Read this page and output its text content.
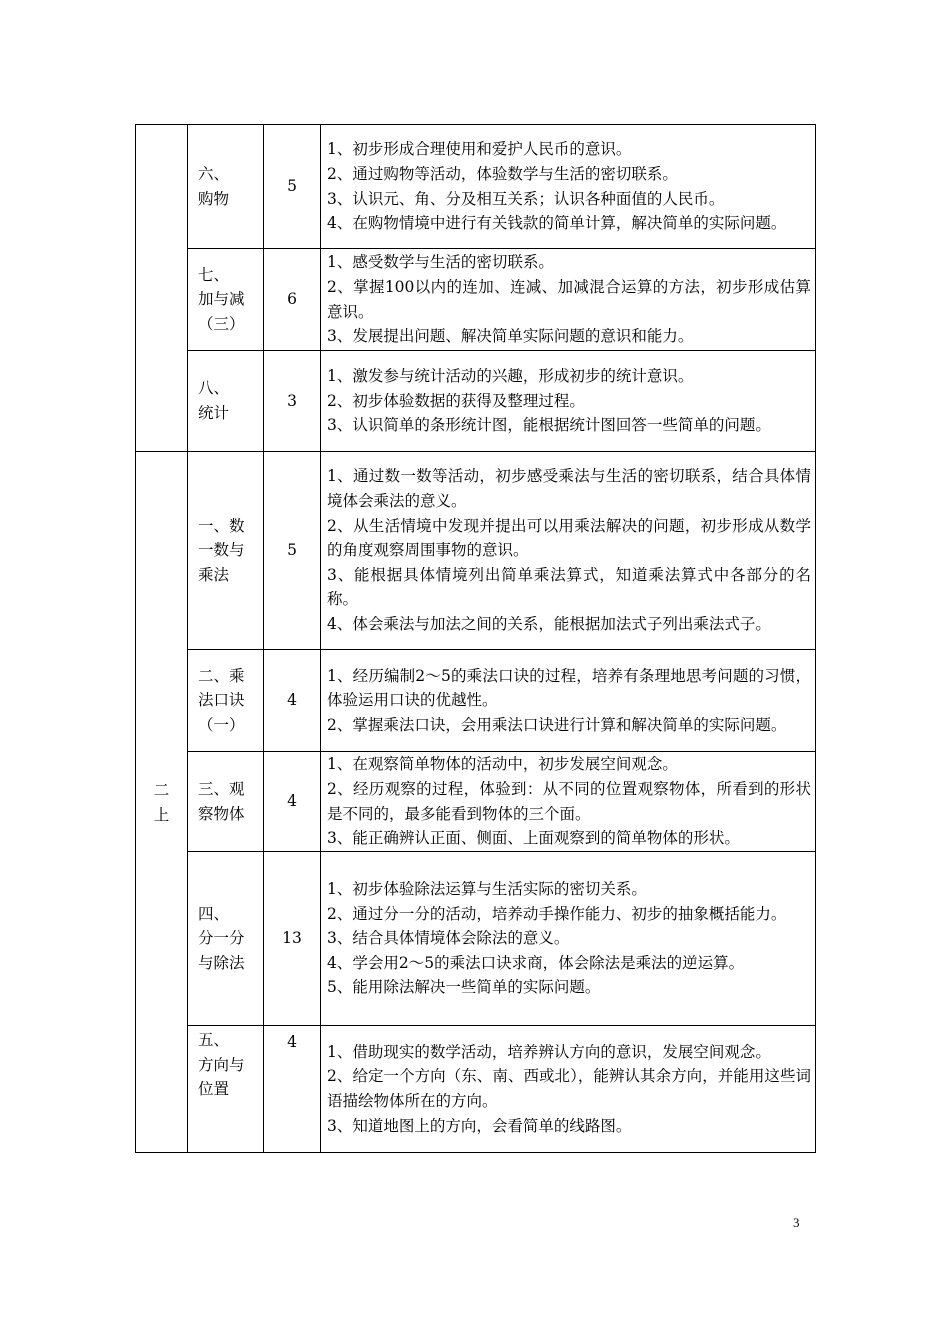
	六、
购物	5	1、初步形成合理使用和爱护人民币的意识。
2、通过购物等活动，体验数学与生活的密切联系。
3、认识元、角、分及相互关系；认识各种面值的人民币。
4、在购物情境中进行有关钱款的简单计算，解决简单的实际问题。

	七、
加与减
（三）	6	1、感受数学与生活的密切联系。
2、掌握100以内的连加、连减、加减混合运算的方法，初步形成估算意识。
3、发展提出问题、解决简单实际问题的意识和能力。

	八、
统计	3	1、激发参与统计活动的兴趣，形成初步的统计意识。
2、初步体验数据的获得及整理过程。
3、认识简单的条形统计图，能根据统计图回答一些简单的问题。

二
上	一、数
一数与
乘法	5	1、通过数一数等活动，初步感受乘法与生活的密切联系，结合具体情境体会乘法的意义。
2、从生活情境中发现并提出可以用乘法解决的问题，初步形成从数学的角度观察周围事物的意识。
3、能根据具体情境列出简单乘法算式，知道乘法算式中各部分的名称。
4、体会乘法与加法之间的关系，能根据加法式子列出乘法式子。

	二、乘
法口诀
（一）	4	1、经历编制2～5的乘法口诀的过程，培养有条理地思考问题的习惯，体验运用口诀的优越性。
2、掌握乘法口诀，会用乘法口诀进行计算和解决简单的实际问题。

	三、观
察物体	4	1、在观察简单物体的活动中，初步发展空间观念。
2、经历观察的过程，体验到：从不同的位置观察物体，所看到的形状是不同的，最多能看到物体的三个面。
3、能正确辨认正面、侧面、上面观察到的简单物体的形状。

	四、
分一分
与除法	13	1、初步体验除法运算与生活实际的密切关系。
2、通过分一分的活动，培养动手操作能力、初步的抽象概括能力。
3、结合具体情境体会除法的意义。
4、学会用2～5的乘法口诀求商，体会除法是乘法的逆运算。
5、能用除法解决一些简单的实际问题。

	五、
方向与
位置	4	1、借助现实的数学活动，培养辨认方向的意识，发展空间观念。
2、给定一个方向（东、南、西或北），能辨认其余方向，并能用这些词语描绘物体所在的方向。
3、知道地图上的方向，会看简单的线路图。
3
